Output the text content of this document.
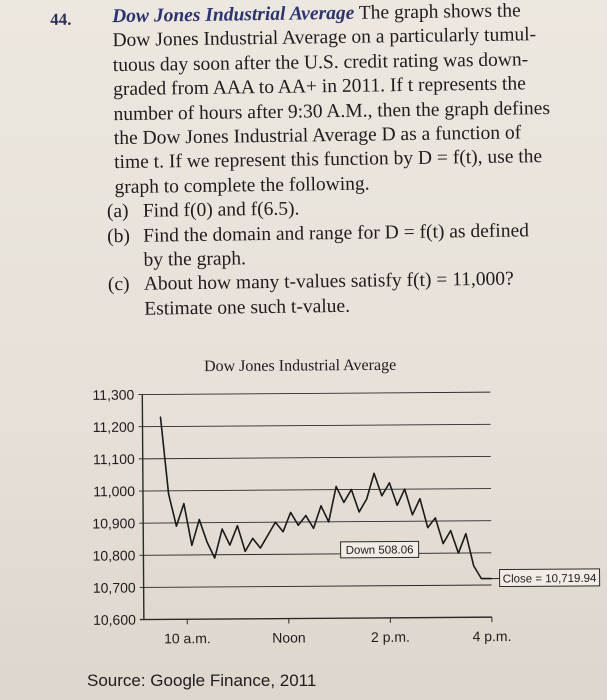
44. Dow Jones Industrial Average The graph shows the
Dow Jones Industrial Average on a particularly tumul-
tuous day soon after the U.S. credit rating was down-
graded from AAA to AA+ in 2011. If t represents the
number of hours after 9:30 A.M., then the graph defines
the Dow Jones Industrial Average D as a function of
time t. If we represent this function by D = f(t), use the
graph to complete the following.
(a) Find f(0) and f(6.5).
(b) Find the domain and range for D = f(t) as defined
by the graph.
(c) About how many t-values satisfy f(t) = 11,000?
Estimate one such t-value.
Dow Jones Industrial Average
11,300
11,200
11,100
11,000
10,900
10,800
10,700
10,600
10 a.m.	Noon	2 p.m.	4 p.m.
Down 508.06
Close = 10,719.94
Source: Google Finance, 2011
